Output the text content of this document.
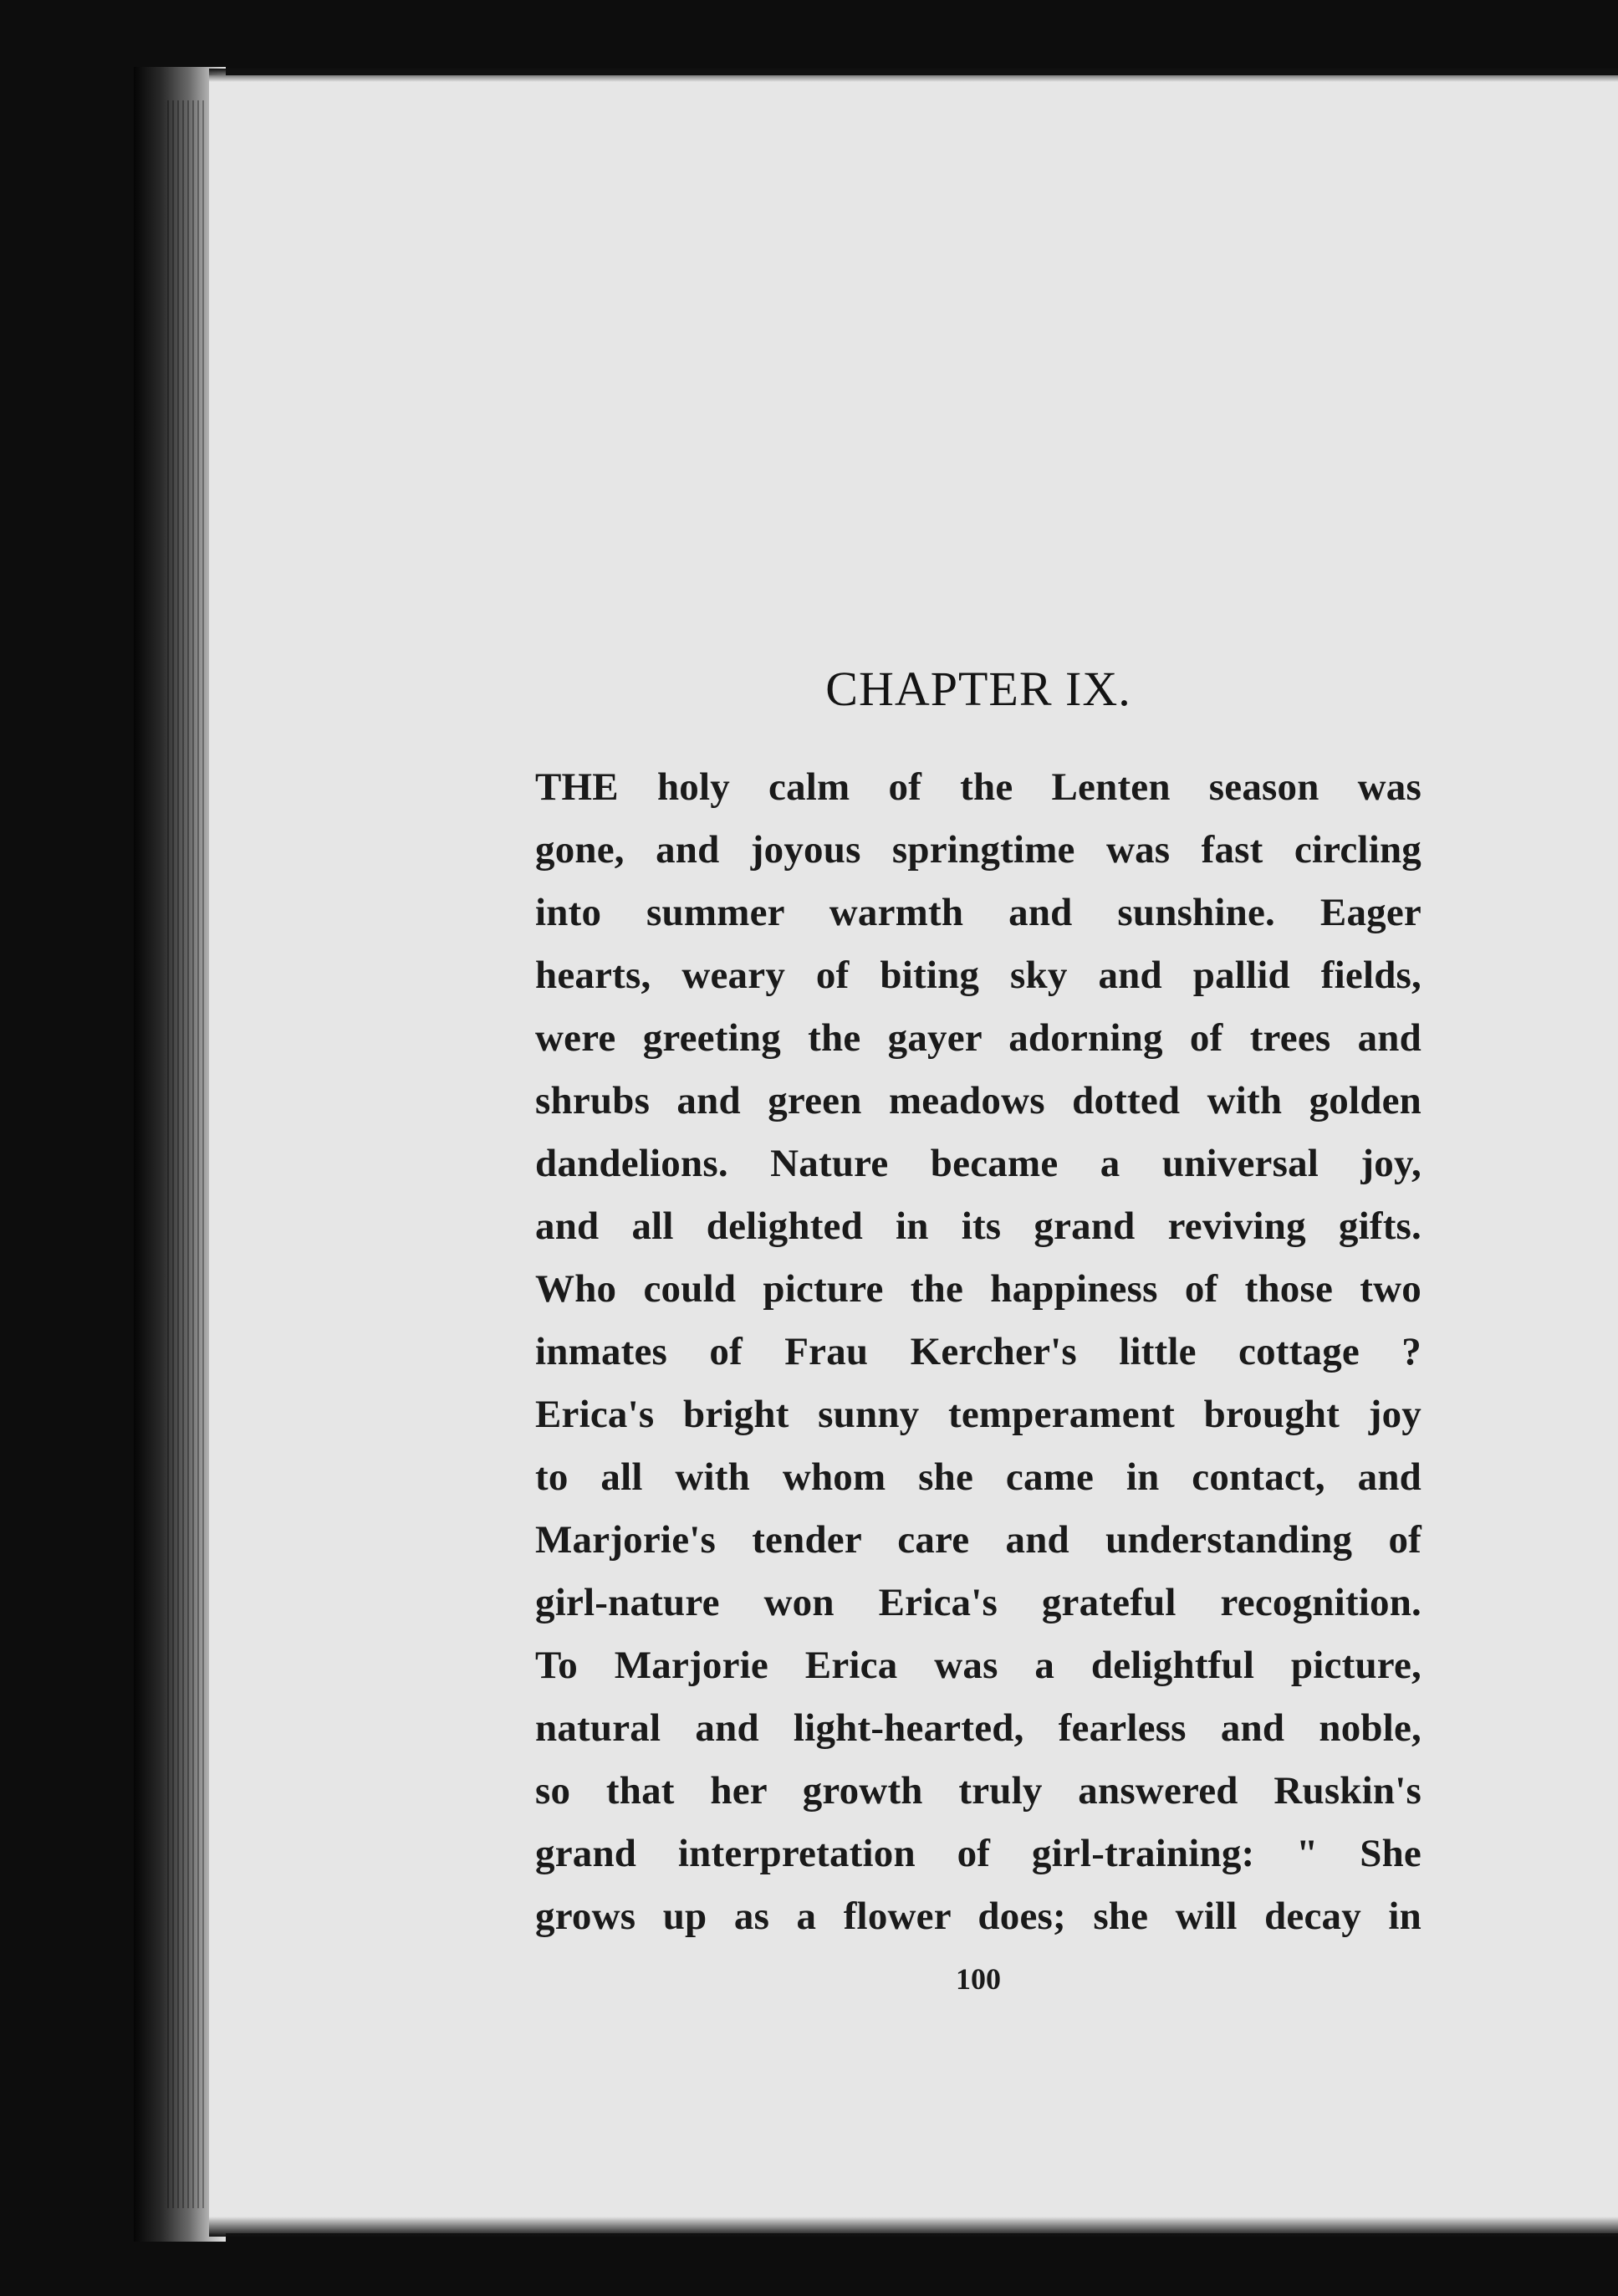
CHAPTER IX.
THE holy calm of the Lenten season was
gone, and joyous springtime was fast circling
into summer warmth and sunshine. Eager
hearts, weary of biting sky and pallid fields,
were greeting the gayer adorning of trees and
shrubs and green meadows dotted with golden
dandelions. Nature became a universal joy,
and all delighted in its grand reviving gifts.
Who could picture the happiness of those two
inmates of Frau Kercher's little cottage ?
Erica's bright sunny temperament brought joy
to all with whom she came in contact, and
Marjorie's tender care and understanding of
girl-nature won Erica's grateful recognition.
To Marjorie Erica was a delightful picture,
natural and light-hearted, fearless and noble,
so that her growth truly answered Ruskin's
grand interpretation of girl-training: " She
grows up as a flower does; she will decay in
100
